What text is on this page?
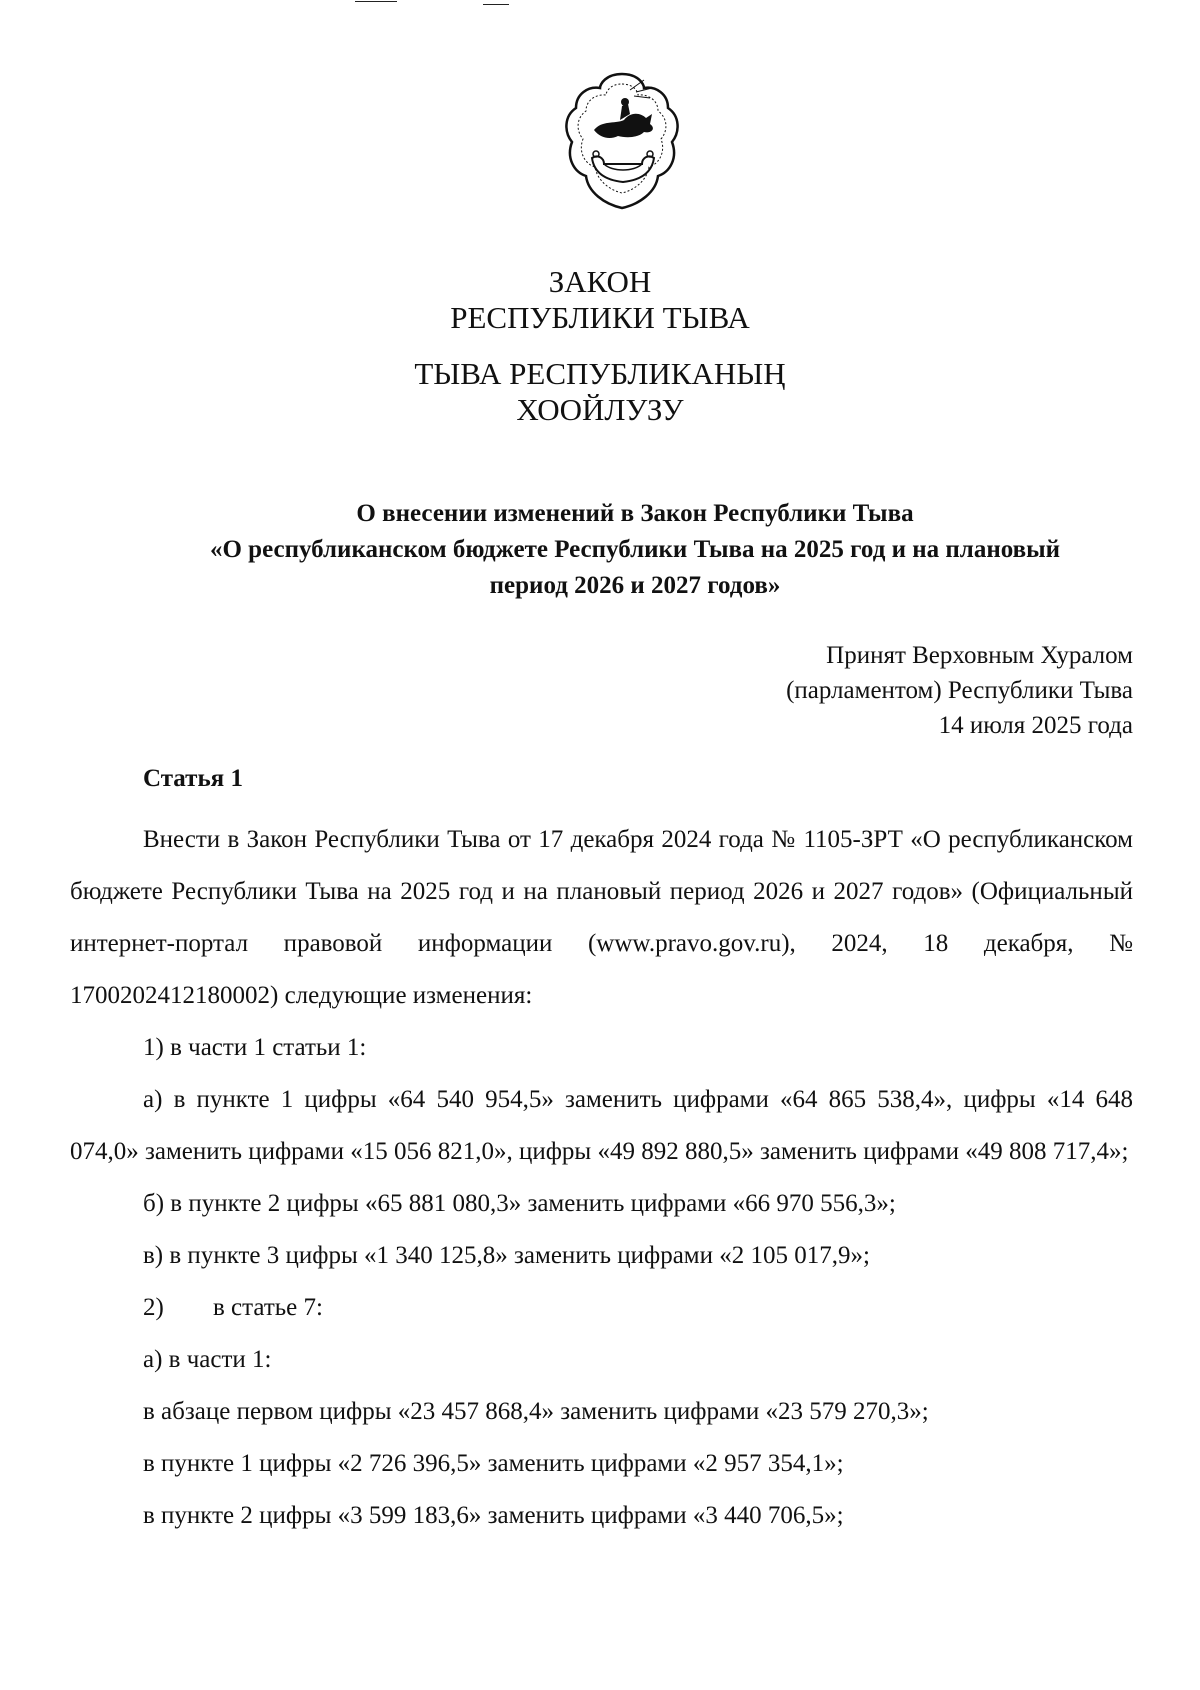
ЗАКОН
РЕСПУБЛИКИ ТЫВА
ТЫВА РЕСПУБЛИКАНЫҢ
ХООЙЛУЗУ
О внесении изменений в Закон Республики Тыва
«О республиканском бюджете Республики Тыва на 2025 год и на плановый
период 2026 и 2027 годов»
Принят Верховным Хуралом
(парламентом) Республики Тыва
14 июля 2025 года
Статья 1

Внести в Закон Республики Тыва от 17 декабря 2024 года № 1105-ЗРТ «О республиканском бюджете Республики Тыва на 2025 год и на плановый период 2026 и 2027 годов» (Официальный интернет-портал правовой информации (www.pravo.gov.ru), 2024, 18 декабря, № 1700202412180002) следующие изменения:

1) в части 1 статьи 1:

а) в пункте 1 цифры «64 540 954,5» заменить цифрами «64 865 538,4», цифры «14 648 074,0» заменить цифрами «15 056 821,0», цифры «49 892 880,5» заменить цифрами «49 808 717,4»;

б) в пункте 2 цифры «65 881 080,3» заменить цифрами «66 970 556,3»;

в) в пункте 3 цифры «1 340 125,8» заменить цифрами «2 105 017,9»;

2) в статье 7:

а) в части 1:

в абзаце первом цифры «23 457 868,4» заменить цифрами «23 579 270,3»;

в пункте 1 цифры «2 726 396,5» заменить цифрами «2 957 354,1»;

в пункте 2 цифры «3 599 183,6» заменить цифрами «3 440 706,5»;
